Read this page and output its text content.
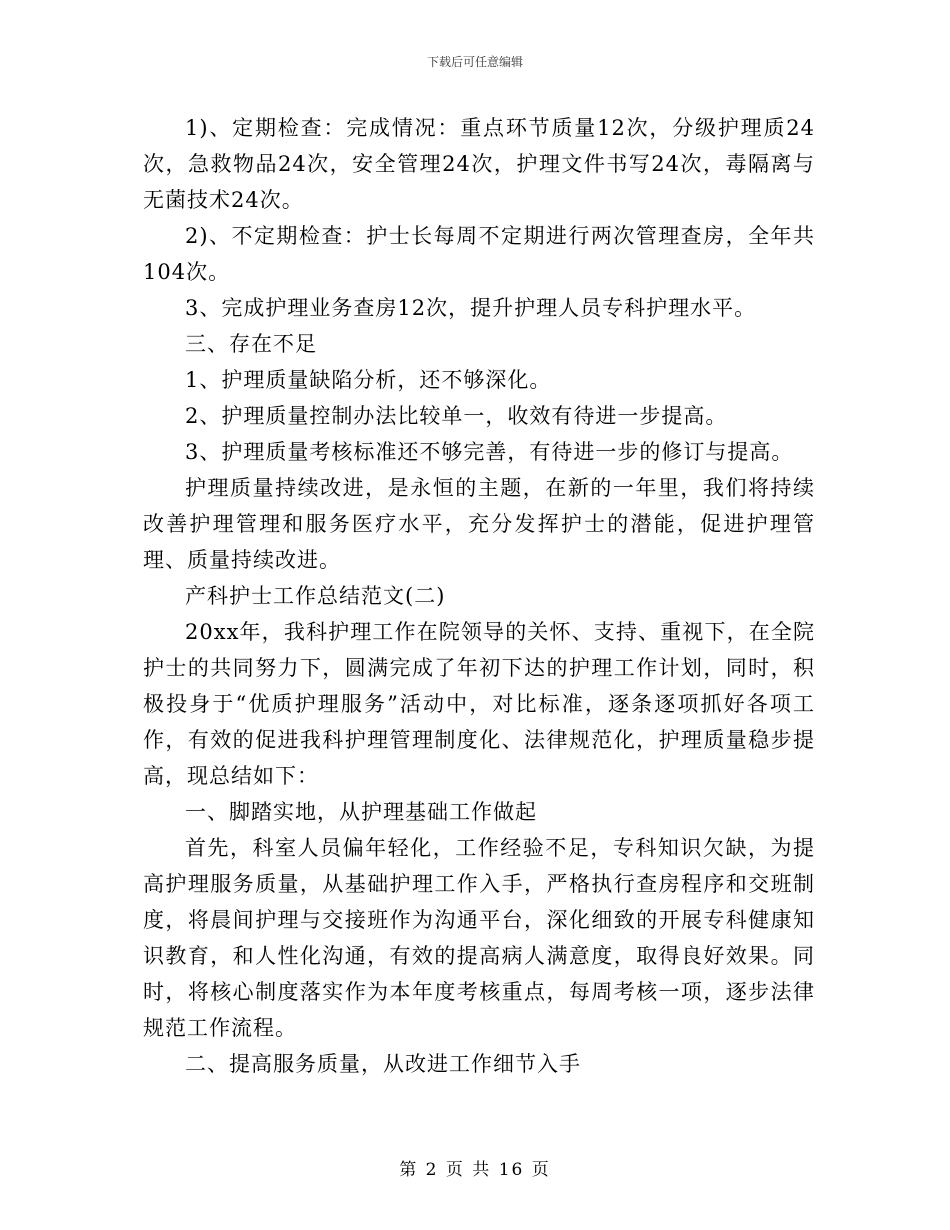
下载后可任意编辑

1)、定期检查：完成情况：重点环节质量12次，分级护理质24次，急救物品24次，安全管理24次，护理文件书写24次，毒隔离与无菌技术24次。

2)、不定期检查：护士长每周不定期进行两次管理查房，全年共104次。

3、完成护理业务查房12次，提升护理人员专科护理水平。

三、存在不足

1、护理质量缺陷分析，还不够深化。

2、护理质量控制办法比较单一，收效有待进一步提高。

3、护理质量考核标准还不够完善，有待进一步的修订与提高。

护理质量持续改进，是永恒的主题，在新的一年里，我们将持续改善护理管理和服务医疗水平，充分发挥护士的潜能，促进护理管理、质量持续改进。

产科护士工作总结范文(二)

20xx年，我科护理工作在院领导的关怀、支持、重视下，在全院护士的共同努力下，圆满完成了年初下达的护理工作计划，同时，积极投身于“优质护理服务”活动中，对比标准，逐条逐项抓好各项工作，有效的促进我科护理管理制度化、法律规范化，护理质量稳步提高，现总结如下：

一、脚踏实地，从护理基础工作做起

首先，科室人员偏年轻化，工作经验不足，专科知识欠缺，为提高护理服务质量，从基础护理工作入手，严格执行查房程序和交班制度，将晨间护理与交接班作为沟通平台，深化细致的开展专科健康知识教育，和人性化沟通，有效的提高病人满意度，取得良好效果。同时，将核心制度落实作为本年度考核重点，每周考核一项，逐步法律规范工作流程。

二、提高服务质量，从改进工作细节入手

第 2 页 共 16 页
